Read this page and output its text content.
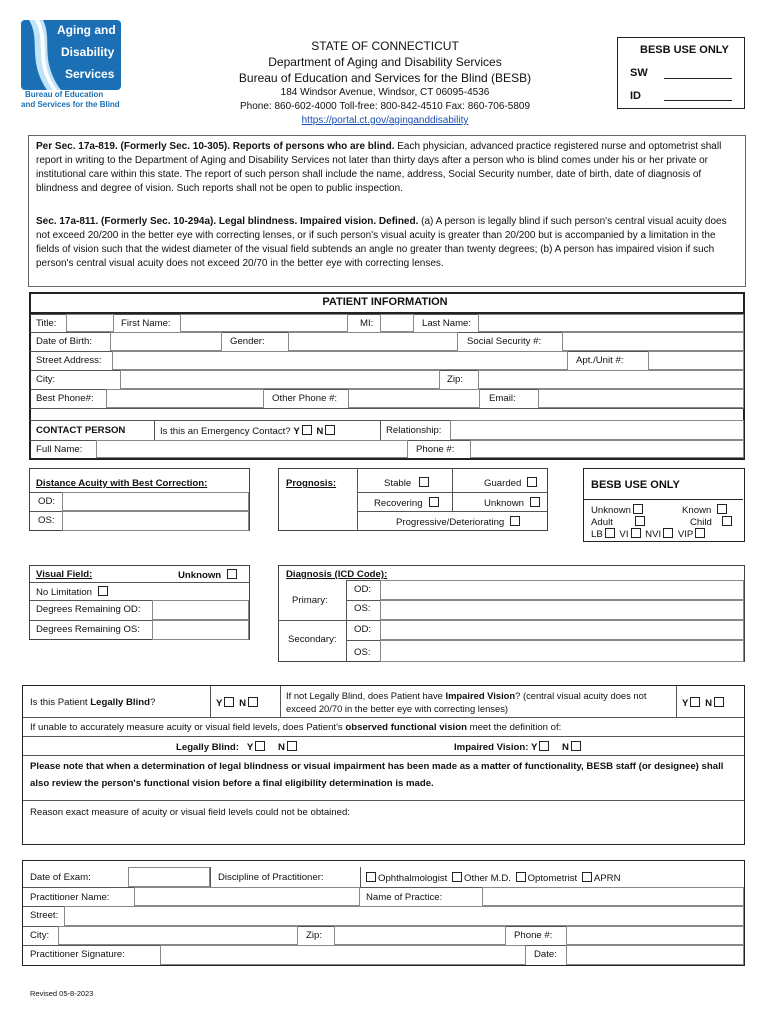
Aging and
Disability
Services
Bureau of Education
and Services for the Blind
STATE OF CONNECTICUT
Department of Aging and Disability Services
Bureau of Education and Services for the Blind (BESB)
184 Windsor Avenue, Windsor, CT 06095-4536
Phone: 860-602-4000 Toll-free: 800-842-4510 Fax: 860-706-5809
https://portal.ct.gov/aginganddisability
BESB USE ONLY
SW
ID

Per Sec. 17a-819. (Formerly Sec. 10-305). Reports of persons who are blind. Each physician, advanced practice registered nurse and optometrist shall report in writing to the Department of Aging and Disability Services not later than thirty days after a person who is blind comes under his or her private or institutional care within this state. The report of such person shall include the name, address, Social Security number, date of birth, date of diagnosis of blindness and degree of vision. Such reports shall not be open to public inspection.

Sec. 17a-811. (Formerly Sec. 10-294a). Legal blindness. Impaired vision. Defined. (a) A person is legally blind if such person's central visual acuity does not exceed 20/200 in the better eye with correcting lenses, or if such person's visual acuity is greater than 20/200 but is accompanied by a limitation in the fields of vision such that the widest diameter of the visual field subtends an angle no greater than twenty degrees; (b) A person has impaired vision if such person's central visual acuity does not exceed 20/70 in the better eye with correcting lenses.

PATIENT INFORMATION
Title:	First Name:	MI:	Last Name:
Date of Birth:	Gender:	Social Security #:
Street Address:	Apt./Unit #:
City:	Zip:
Best Phone#:	Other Phone #:	Email:
CONTACT PERSON	Is this an Emergency Contact? Y N	Relationship:
Full Name:	Phone #:
Distance Acuity with Best Correction:
OD:
OS:
Prognosis:	Stable	Guarded
Recovering	Unknown
Progressive/Deteriorating
BESB USE ONLY
Unknown	Known
Adult	Child
LB VI NVI VIP
Visual Field:	Unknown
No Limitation
Degrees Remaining OD:
Degrees Remaining OS:
Diagnosis (ICD Code):
Primary:
OD:
OS:
Secondary:
OD:
OS:
Is this Patient Legally Blind?	Y N

If not Legally Blind, does Patient have Impaired Vision? (central visual acuity does not exceed 20/70 in the better eye with correcting lenses)	Y N
If unable to accurately measure acuity or visual field levels, does Patient's observed functional vision meet the definition of:
Legally Blind: Y	N	Impaired Vision: Y	N

Please note that when a determination of legal blindness or visual impairment has been made as a matter of functionality, BESB staff (or designee) shall also review the person's functional vision before a final eligibility determination is made.

Reason exact measure of acuity or visual field levels could not be obtained:
Date of Exam:	Discipline of Practitioner:	Ophthalmologist Other M.D. Optometrist APRN
Practitioner Name:	Name of Practice:
Street:
City:	Zip:	Phone #:
Practitioner Signature:	Date:
Revised 05-8-2023
